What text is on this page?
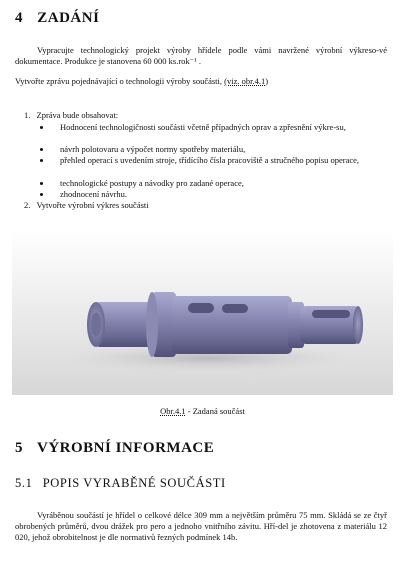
4 ZADÁNÍ
Vypracujte technologický projekt výroby hřídele podle vámi navržené výrobní výkreso-vé dokumentace. Produkce je stanovena 60 000 ks.rok⁻¹ .
Vytvořte zprávu pojednávající o technologii výroby součásti, (viz. obr.4.1)
1. Zpráva bude obsahovat:
Hodnocení technologičnosti součásti včetně případných oprav a zpřesnění výkre-su,
návrh polotovaru a výpočet normy spotřeby materiálu,
přehled operací s uvedením stroje, třídícího čísla pracoviště a stručného popisu operace,
technologické postupy a návodky pro zadané operace,
zhodnocení návrhu.
2. Vytvořte výrobní výkres součásti
Obr.4.1 - Zadaná součást
5 VÝROBNÍ INFORMACE
5.1 POPIS VYRABĚNÉ SOUČÁSTI
Vyráběnou součástí je hřídel o celkové délce 309 mm a největším průměru 75 mm. Skládá se ze čtyř obrobených průměrů, dvou drážek pro pero a jednoho vnitřního závitu. Hří-del je zhotovena z materiálu 12 020, jehož obrobitelnost je dle normativů řezných podmínek 14b.
